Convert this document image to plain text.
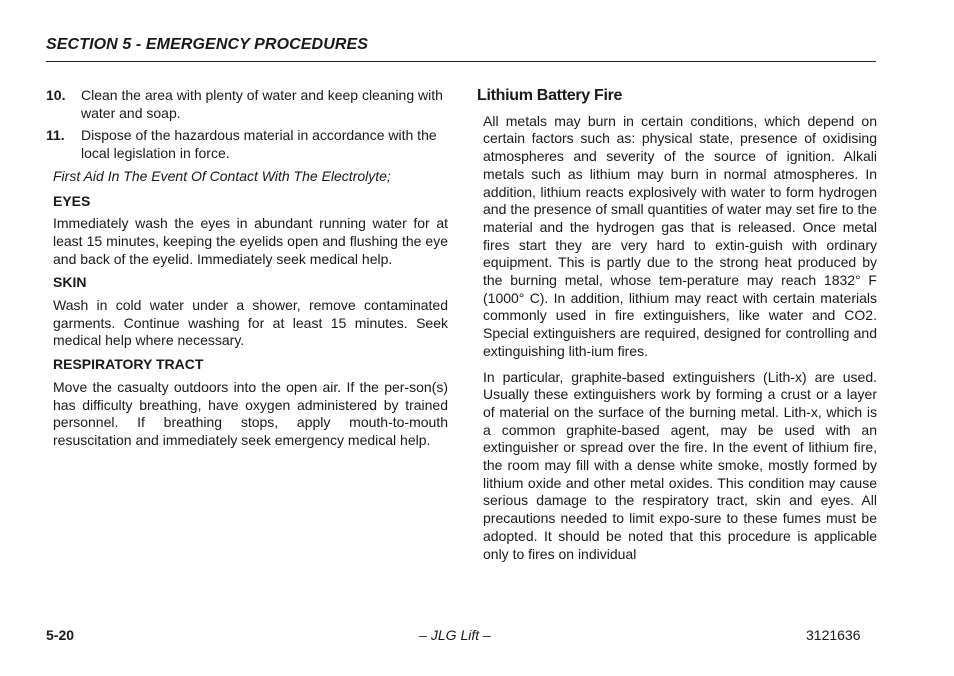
SECTION 5 - EMERGENCY PROCEDURES
10.	Clean the area with plenty of water and keep cleaning with water and soap.
11.	Dispose of the hazardous material in accordance with the local legislation in force.
First Aid In The Event Of Contact With The Electrolyte;
EYES
Immediately wash the eyes in abundant running water for at least 15 minutes, keeping the eyelids open and flushing the eye and back of the eyelid. Immediately seek medical help.
SKIN
Wash in cold water under a shower, remove contaminated garments. Continue washing for at least 15 minutes. Seek medical help where necessary.
RESPIRATORY TRACT
Move the casualty outdoors into the open air. If the per-son(s) has difficulty breathing, have oxygen administered by trained personnel. If breathing stops, apply mouth-to-mouth resuscitation and immediately seek emergency medical help.
Lithium Battery Fire
All metals may burn in certain conditions, which depend on certain factors such as: physical state, presence of oxidising atmospheres and severity of the source of ignition. Alkali metals such as lithium may burn in normal atmospheres. In addition, lithium reacts explosively with water to form hydrogen and the presence of small quantities of water may set fire to the material and the hydrogen gas that is released. Once metal fires start they are very hard to extin-guish with ordinary equipment. This is partly due to the strong heat produced by the burning metal, whose tem-perature may reach 1832° F (1000° C). In addition, lithium may react with certain materials commonly used in fire extinguishers, like water and CO2. Special extinguishers are required, designed for controlling and extinguishing lith-ium fires.
In particular, graphite-based extinguishers (Lith-x) are used. Usually these extinguishers work by forming a crust or a layer of material on the surface of the burning metal. Lith-x, which is a common graphite-based agent, may be used with an extinguisher or spread over the fire. In the event of lithium fire, the room may fill with a dense white smoke, mostly formed by lithium oxide and other metal oxides. This condition may cause serious damage to the respiratory tract, skin and eyes. All precautions needed to limit expo-sure to these fumes must be adopted. It should be noted that this procedure is applicable only to fires on individual
5-20	– JLG Lift –	3121636
